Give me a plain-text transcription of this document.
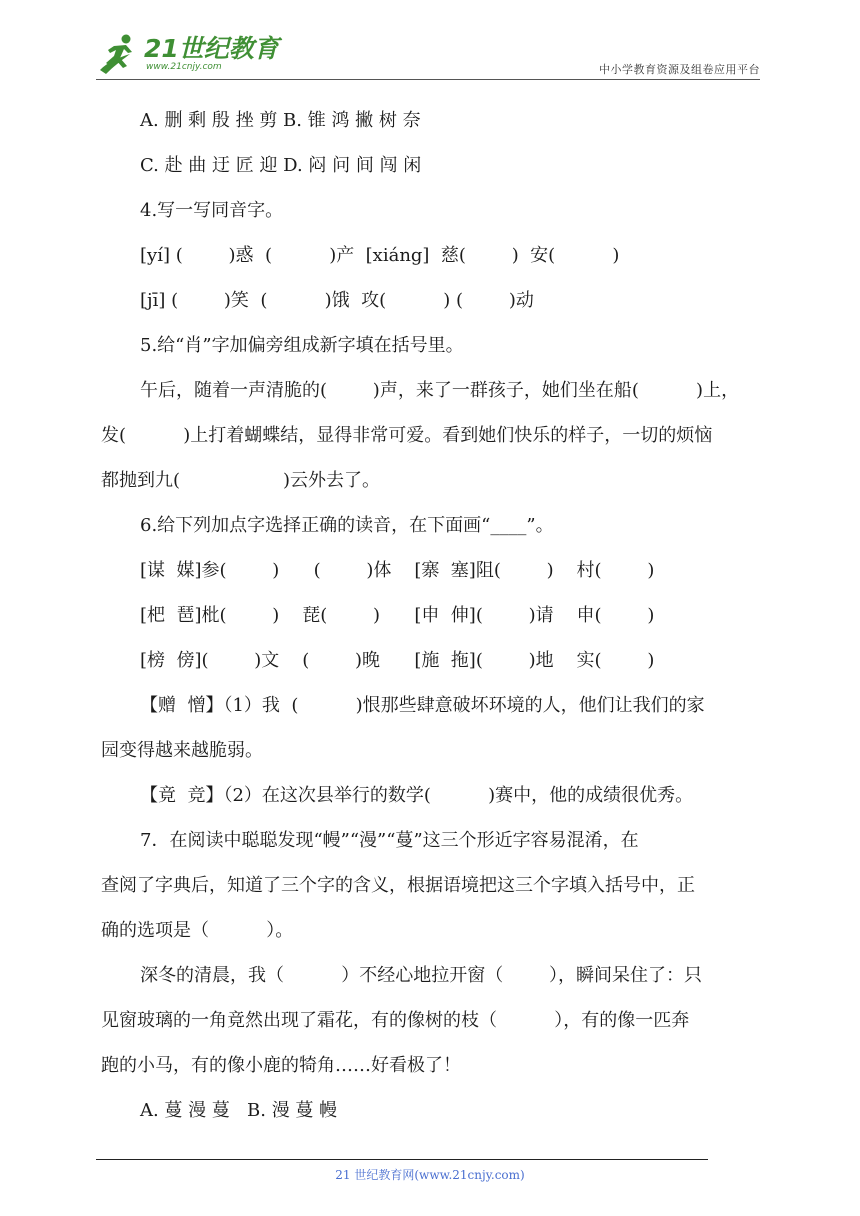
21世纪教育
www.21cnjy.com	中小学教育资源及组卷应用平台
A. 删 剩 殷 挫 剪 B. 锥 鸿 撇 树 奈
C. 赴 曲 迂 匠 迎 D. 闷 问 间 闯 闲
4.写一写同音字。
[yí] (        )惑  (          )产  [xiáng]  慈(        )  安(          )
[jī] (        )笑  (          )饿  攻(          ) (        )动
5.给“肖”字加偏旁组成新字填在括号里。
午后，随着一声清脆的(        )声，来了一群孩子，她们坐在船(          )上，
发(          )上打着蝴蝶结，显得非常可爱。看到她们快乐的样子，一切的烦恼
都抛到九(                  )云外去了。
6.给下列加点字选择正确的读音，在下面画“____”。
[谋  媒]参(        )      (        )体    [寨  塞]阻(        )    村(        )
[杷  琶]枇(        )    琵(        )      [申  伸](        )请    申(        )
[榜  傍](        )文    (        )晚      [施  拖](        )地    实(        )
【赠  憎】（1）我  (          )恨那些肆意破坏环境的人，他们让我们的家
园变得越来越脆弱。
【竟  竞】（2）在这次县举行的数学(          )赛中，他的成绩很优秀。
7．在阅读中聪聪发现“幔”“漫”“蔓”这三个形近字容易混淆，在
查阅了字典后，知道了三个字的含义，根据语境把这三个字填入括号中，正
确的选项是（          ）。
深冬的清晨，我（          ）不经心地拉开窗（        ），瞬间呆住了：只
见窗玻璃的一角竟然出现了霜花，有的像树的枝（          ），有的像一匹奔
跑的小马，有的像小鹿的犄角……好看极了！
A. 蔓 漫 蔓   B. 漫 蔓 幔
21 世纪教育网(www.21cnjy.com)
